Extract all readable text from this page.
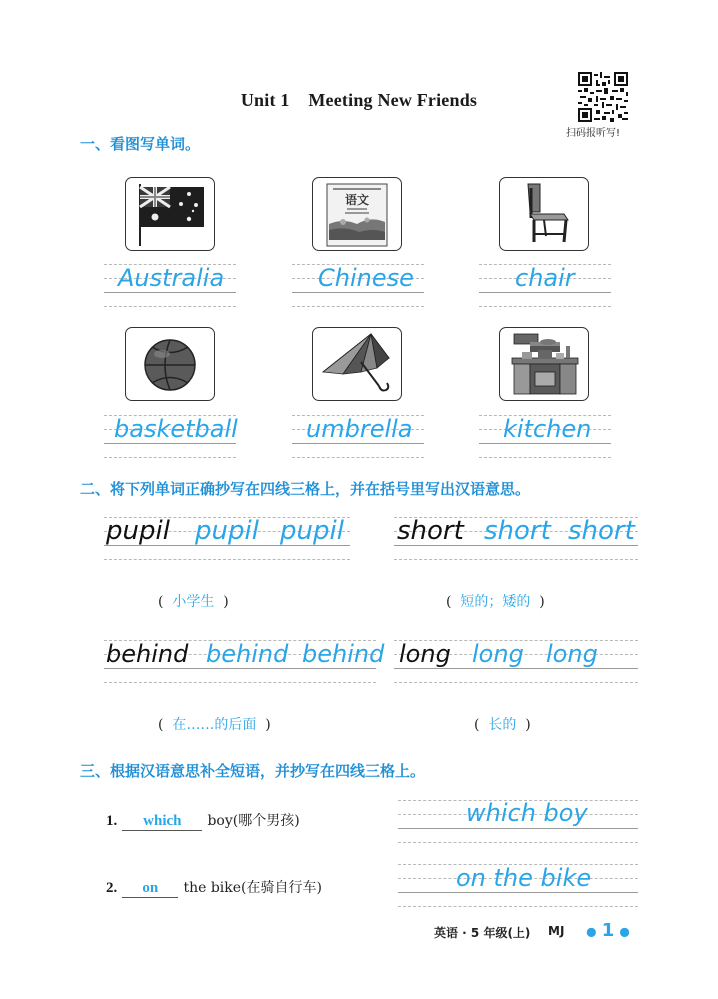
Unit 1    Meeting New Friends
扫码报听写!
一、看图写单词。
语文
Australia	Chinese	chair
basketball	umbrella	kitchen
二、将下列单词正确抄写在四线三格上，并在括号里写出汉语意思。
pupil pupil pupil short short short
( 小学生 )	( 短的；矮的 )
behind behind behind long long long
( 在……的后面 )	( 长的 )
三、根据汉语意思补全短语，并抄写在四线三格上。
1. which boy(哪个男孩)	which boy
2. on the bike(在骑自行车)	on the bike
英语 · 5 年级(上) MJ ● 1 ●
